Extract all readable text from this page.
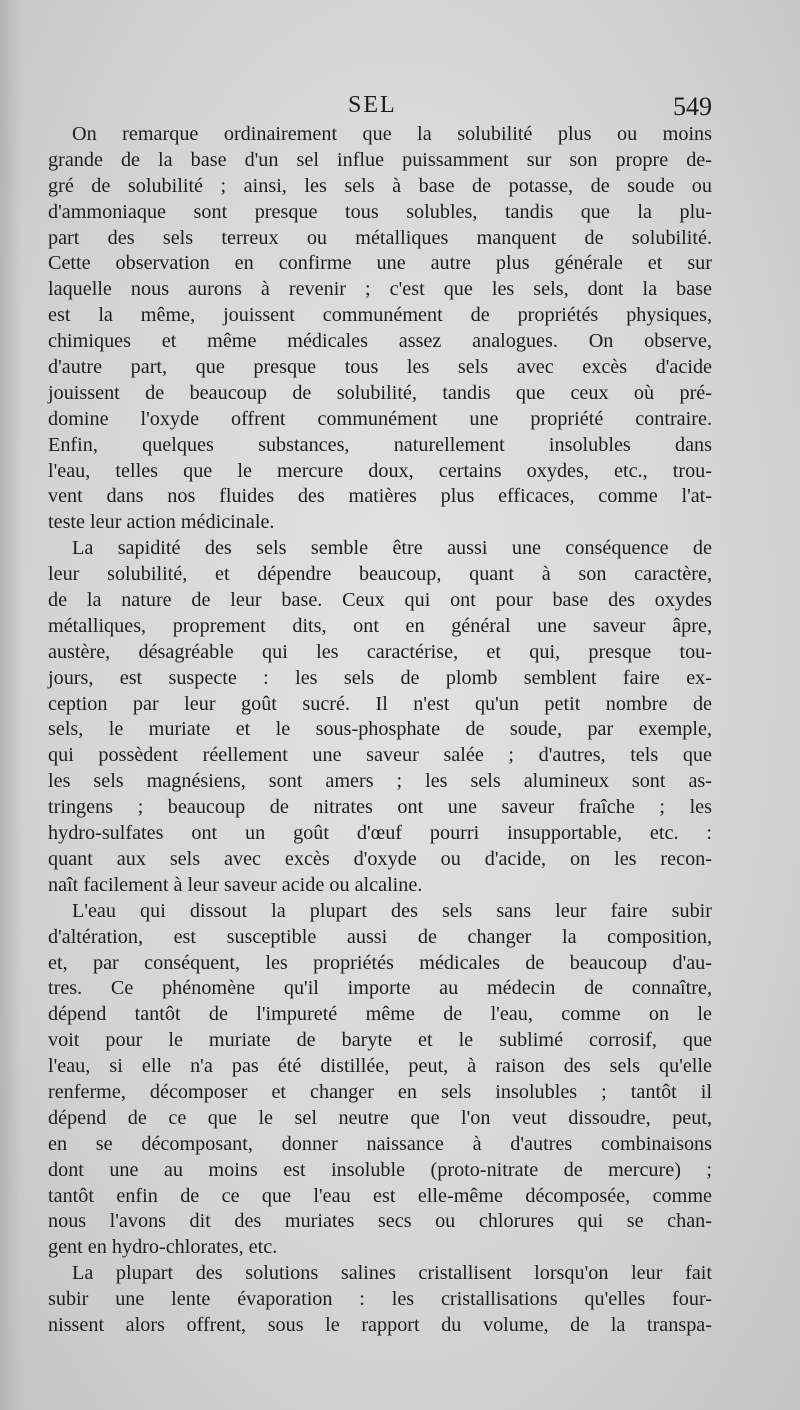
SEL	549
On remarque ordinairement que la solubilité plus ou moins
grande de la base d'un sel influe puissamment sur son propre de-
gré de solubilité ; ainsi, les sels à base de potasse, de soude ou
d'ammoniaque sont presque tous solubles, tandis que la plu-
part des sels terreux ou métalliques manquent de solubilité.
Cette observation en confirme une autre plus générale et sur
laquelle nous aurons à revenir ; c'est que les sels, dont la base
est la même, jouissent communément de propriétés physiques,
chimiques et même médicales assez analogues. On observe,
d'autre part, que presque tous les sels avec excès d'acide
jouissent de beaucoup de solubilité, tandis que ceux où pré-
domine l'oxyde offrent communément une propriété contraire.
Enfin, quelques substances, naturellement insolubles dans
l'eau, telles que le mercure doux, certains oxydes, etc., trou-
vent dans nos fluides des matières plus efficaces, comme l'at-
teste leur action médicinale.
La sapidité des sels semble être aussi une conséquence de
leur solubilité, et dépendre beaucoup, quant à son caractère,
de la nature de leur base. Ceux qui ont pour base des oxydes
métalliques, proprement dits, ont en général une saveur âpre,
austère, désagréable qui les caractérise, et qui, presque tou-
jours, est suspecte : les sels de plomb semblent faire ex-
ception par leur goût sucré. Il n'est qu'un petit nombre de
sels, le muriate et le sous-phosphate de soude, par exemple,
qui possèdent réellement une saveur salée ; d'autres, tels que
les sels magnésiens, sont amers ; les sels alumineux sont as-
tringens ; beaucoup de nitrates ont une saveur fraîche ; les
hydro-sulfates ont un goût d'œuf pourri insupportable, etc. :
quant aux sels avec excès d'oxyde ou d'acide, on les recon-
naît facilement à leur saveur acide ou alcaline.
L'eau qui dissout la plupart des sels sans leur faire subir
d'altération, est susceptible aussi de changer la composition,
et, par conséquent, les propriétés médicales de beaucoup d'au-
tres. Ce phénomène qu'il importe au médecin de connaître,
dépend tantôt de l'impureté même de l'eau, comme on le
voit pour le muriate de baryte et le sublimé corrosif, que
l'eau, si elle n'a pas été distillée, peut, à raison des sels qu'elle
renferme, décomposer et changer en sels insolubles ; tantôt il
dépend de ce que le sel neutre que l'on veut dissoudre, peut,
en se décomposant, donner naissance à d'autres combinaisons
dont une au moins est insoluble (proto-nitrate de mercure) ;
tantôt enfin de ce que l'eau est elle-même décomposée, comme
nous l'avons dit des muriates secs ou chlorures qui se chan-
gent en hydro-chlorates, etc.
La plupart des solutions salines cristallisent lorsqu'on leur fait
subir une lente évaporation : les cristallisations qu'elles four-
nissent alors offrent, sous le rapport du volume, de la transpa-
